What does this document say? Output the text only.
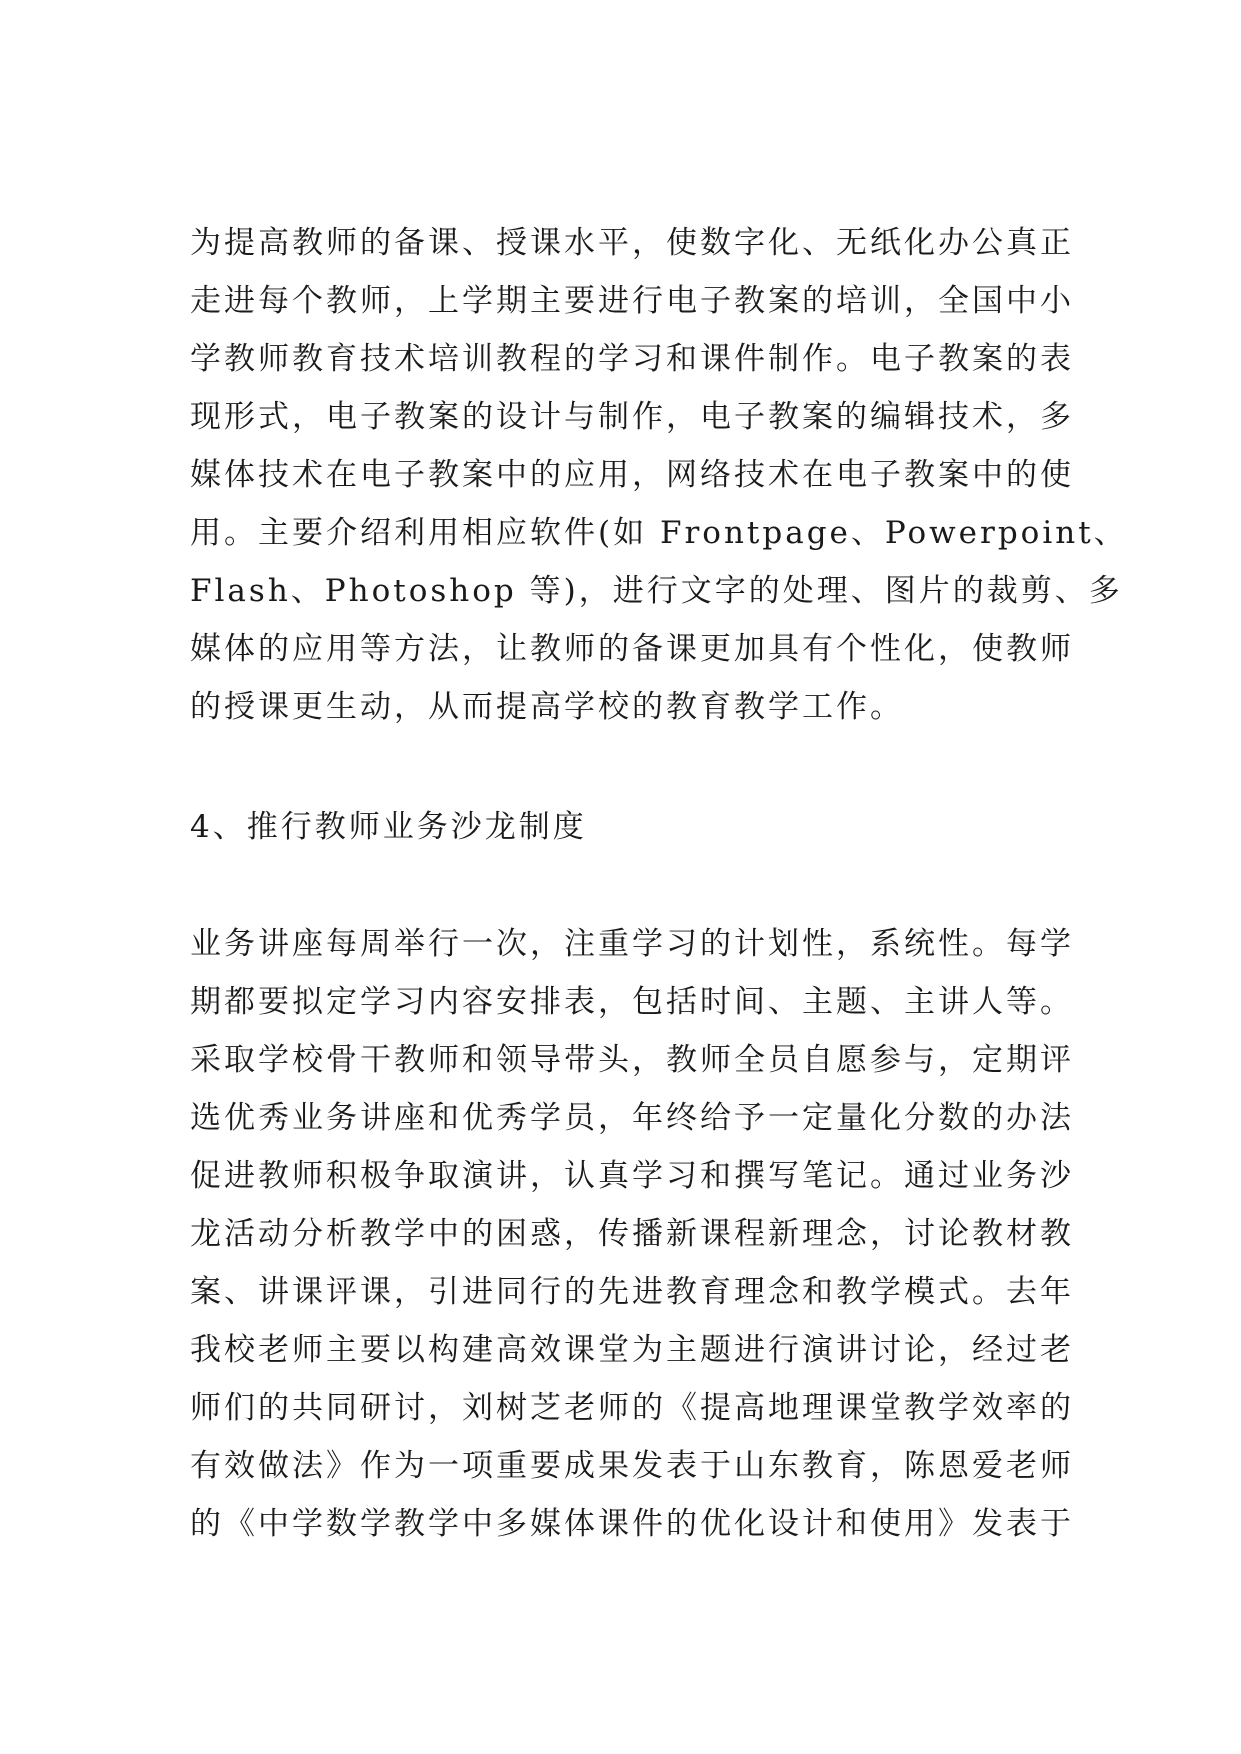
为提高教师的备课、授课水平，使数字化、无纸化办公真正
走进每个教师，上学期主要进行电子教案的培训，全国中小
学教师教育技术培训教程的学习和课件制作。电子教案的表
现形式，电子教案的设计与制作，电子教案的编辑技术，多
媒体技术在电子教案中的应用，网络技术在电子教案中的使
用。主要介绍利用相应软件(如 Frontpage、Powerpoint、
Flash、Photoshop 等)，进行文字的处理、图片的裁剪、多
媒体的应用等方法，让教师的备课更加具有个性化，使教师
的授课更生动，从而提高学校的教育教学工作。
4、推行教师业务沙龙制度
业务讲座每周举行一次，注重学习的计划性，系统性。每学
期都要拟定学习内容安排表，包括时间、主题、主讲人等。
采取学校骨干教师和领导带头，教师全员自愿参与，定期评
选优秀业务讲座和优秀学员，年终给予一定量化分数的办法
促进教师积极争取演讲，认真学习和撰写笔记。通过业务沙
龙活动分析教学中的困惑，传播新课程新理念，讨论教材教
案、讲课评课，引进同行的先进教育理念和教学模式。去年
我校老师主要以构建高效课堂为主题进行演讲讨论，经过老
师们的共同研讨，刘树芝老师的《提高地理课堂教学效率的
有效做法》作为一项重要成果发表于山东教育，陈恩爱老师
的《中学数学教学中多媒体课件的优化设计和使用》发表于
